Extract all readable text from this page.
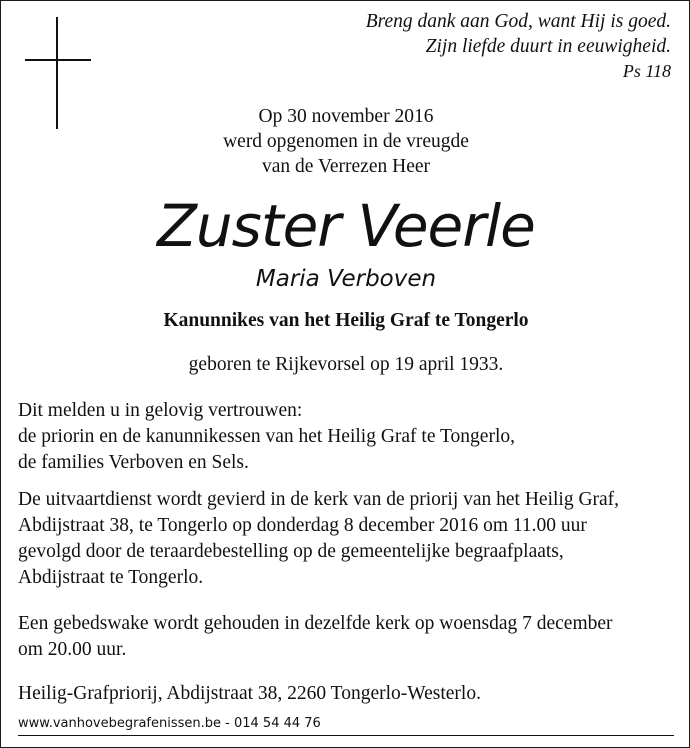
Breng dank aan God, want Hij is goed.
Zijn liefde duurt in eeuwigheid.
Ps 118
Op 30 november 2016
werd opgenomen in de vreugde
van de Verrezen Heer
Zuster Veerle
Maria Verboven
Kanunnikes van het Heilig Graf te Tongerlo
geboren te Rijkevorsel op 19 april 1933.
Dit melden u in gelovig vertrouwen:
de priorin en de kanunnikessen van het Heilig Graf te Tongerlo,
de families Verboven en Sels.
De uitvaartdienst wordt gevierd in de kerk van de priorij van het Heilig Graf,
Abdijstraat 38, te Tongerlo op donderdag 8 december 2016 om 11.00 uur
gevolgd door de teraardebestelling op de gemeentelijke begraafplaats,
Abdijstraat te Tongerlo.
Een gebedswake wordt gehouden in dezelfde kerk op woensdag 7 december
om 20.00 uur.
Heilig-Grafpriorij, Abdijstraat 38, 2260 Tongerlo-Westerlo.
www.vanhovebegrafenissen.be - 014 54 44 76
